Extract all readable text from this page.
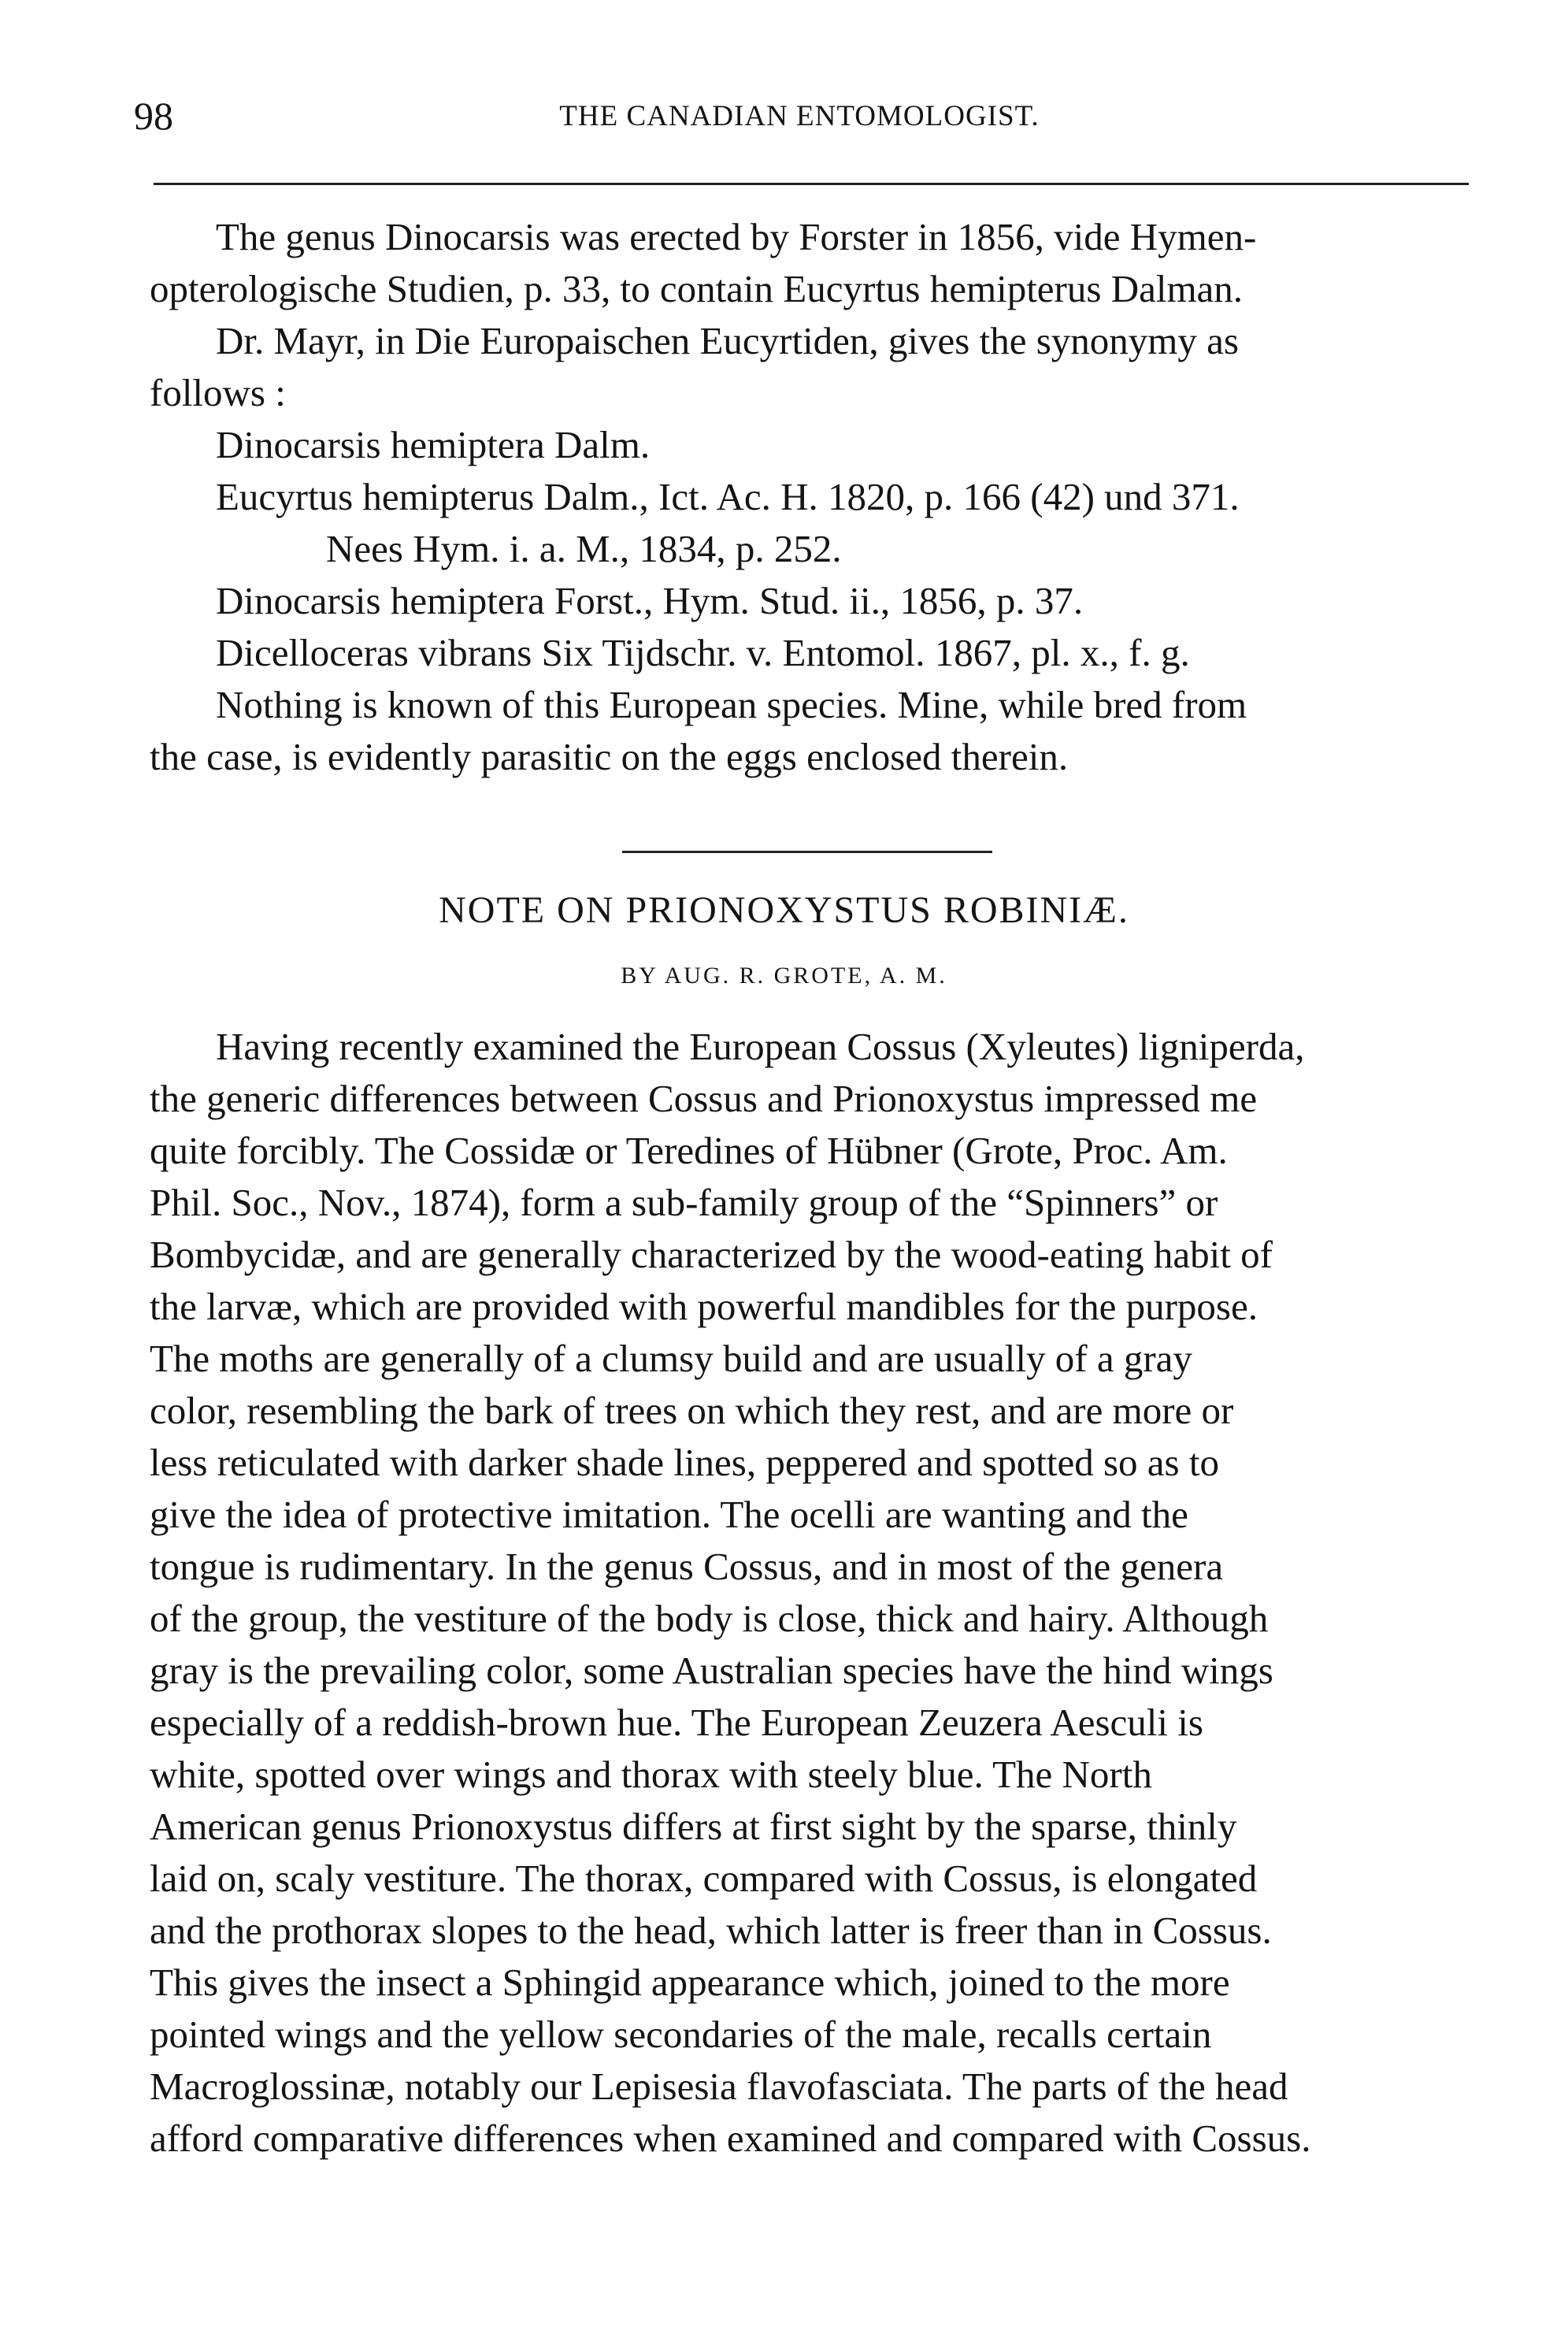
98	THE CANADIAN ENTOMOLOGIST.

The genus Dinocarsis was erected by Forster in 1856, vide Hymen-

opterologische Studien, p. 33, to contain Eucyrtus hemipterus Dalman.

Dr. Mayr, in Die Europaischen Eucyrtiden, gives the synonymy as

follows :

Dinocarsis hemiptera Dalm.

Eucyrtus hemipterus Dalm., Ict. Ac. H. 1820, p. 166 (42) und 371.

Nees Hym. i. a. M., 1834, p. 252.

Dinocarsis hemiptera Forst., Hym. Stud. ii., 1856, p. 37.

Dicelloceras vibrans Six Tijdschr. v. Entomol. 1867, pl. x., f. g.

Nothing is known of this European species. Mine, while bred from

the case, is evidently parasitic on the eggs enclosed therein.

NOTE ON PRIONOXYSTUS ROBINIÆ.
BY AUG. R. GROTE, A. M.

Having recently examined the European Cossus (Xyleutes) ligniperda,

the generic differences between Cossus and Prionoxystus impressed me

quite forcibly. The Cossidæ or Teredines of Hübner (Grote, Proc. Am.

Phil. Soc., Nov., 1874), form a sub-family group of the “Spinners” or

Bombycidæ, and are generally characterized by the wood-eating habit of

the larvæ, which are provided with powerful mandibles for the purpose.

The moths are generally of a clumsy build and are usually of a gray

color, resembling the bark of trees on which they rest, and are more or

less reticulated with darker shade lines, peppered and spotted so as to

give the idea of protective imitation. The ocelli are wanting and the

tongue is rudimentary. In the genus Cossus, and in most of the genera

of the group, the vestiture of the body is close, thick and hairy. Although

gray is the prevailing color, some Australian species have the hind wings

especially of a reddish-brown hue. The European Zeuzera Aesculi is

white, spotted over wings and thorax with steely blue. The North

American genus Prionoxystus differs at first sight by the sparse, thinly

laid on, scaly vestiture. The thorax, compared with Cossus, is elongated

and the prothorax slopes to the head, which latter is freer than in Cossus.

This gives the insect a Sphingid appearance which, joined to the more

pointed wings and the yellow secondaries of the male, recalls certain

Macroglossinæ, notably our Lepisesia flavofasciata. The parts of the head

afford comparative differences when examined and compared with Cossus.
